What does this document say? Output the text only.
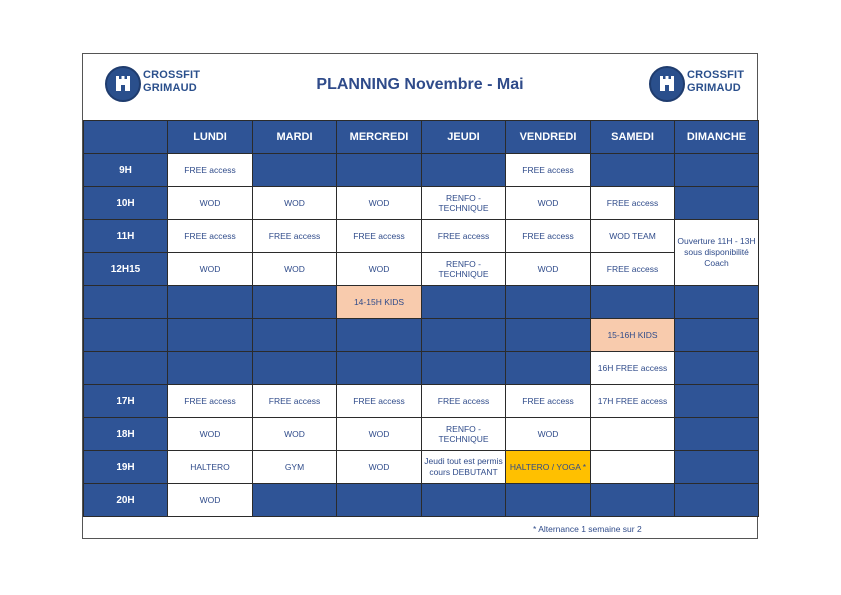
CROSSFIT
GRIMAUD	PLANNING Novembre - Mai
CROSSFIT
GRIMAUD
	LUNDI	MARDI	MERCREDI	JEUDI	VENDREDI	SAMEDI	DIMANCHE
9H	FREE access				FREE access		
10H	WOD	WOD	WOD	RENFO - TECHNIQUE	WOD	FREE access	
11H	FREE access	FREE access	FREE access	FREE access	FREE access	WOD TEAM	Ouverture 11H - 13H sous disponibilité Coach
12H15	WOD	WOD	WOD	RENFO - TECHNIQUE	WOD	FREE access	
			14-15H KIDS				
						15-16H KIDS	
						16H FREE access	
17H	FREE access	FREE access	FREE access	FREE access	FREE access	17H FREE access	
18H	WOD	WOD	WOD	RENFO - TECHNIQUE	WOD		
19H	HALTERO	GYM	WOD	Jeudi tout est permis cours DEBUTANT	HALTERO / YOGA *		
20H	WOD						
* Alternance 1 semaine sur 2
